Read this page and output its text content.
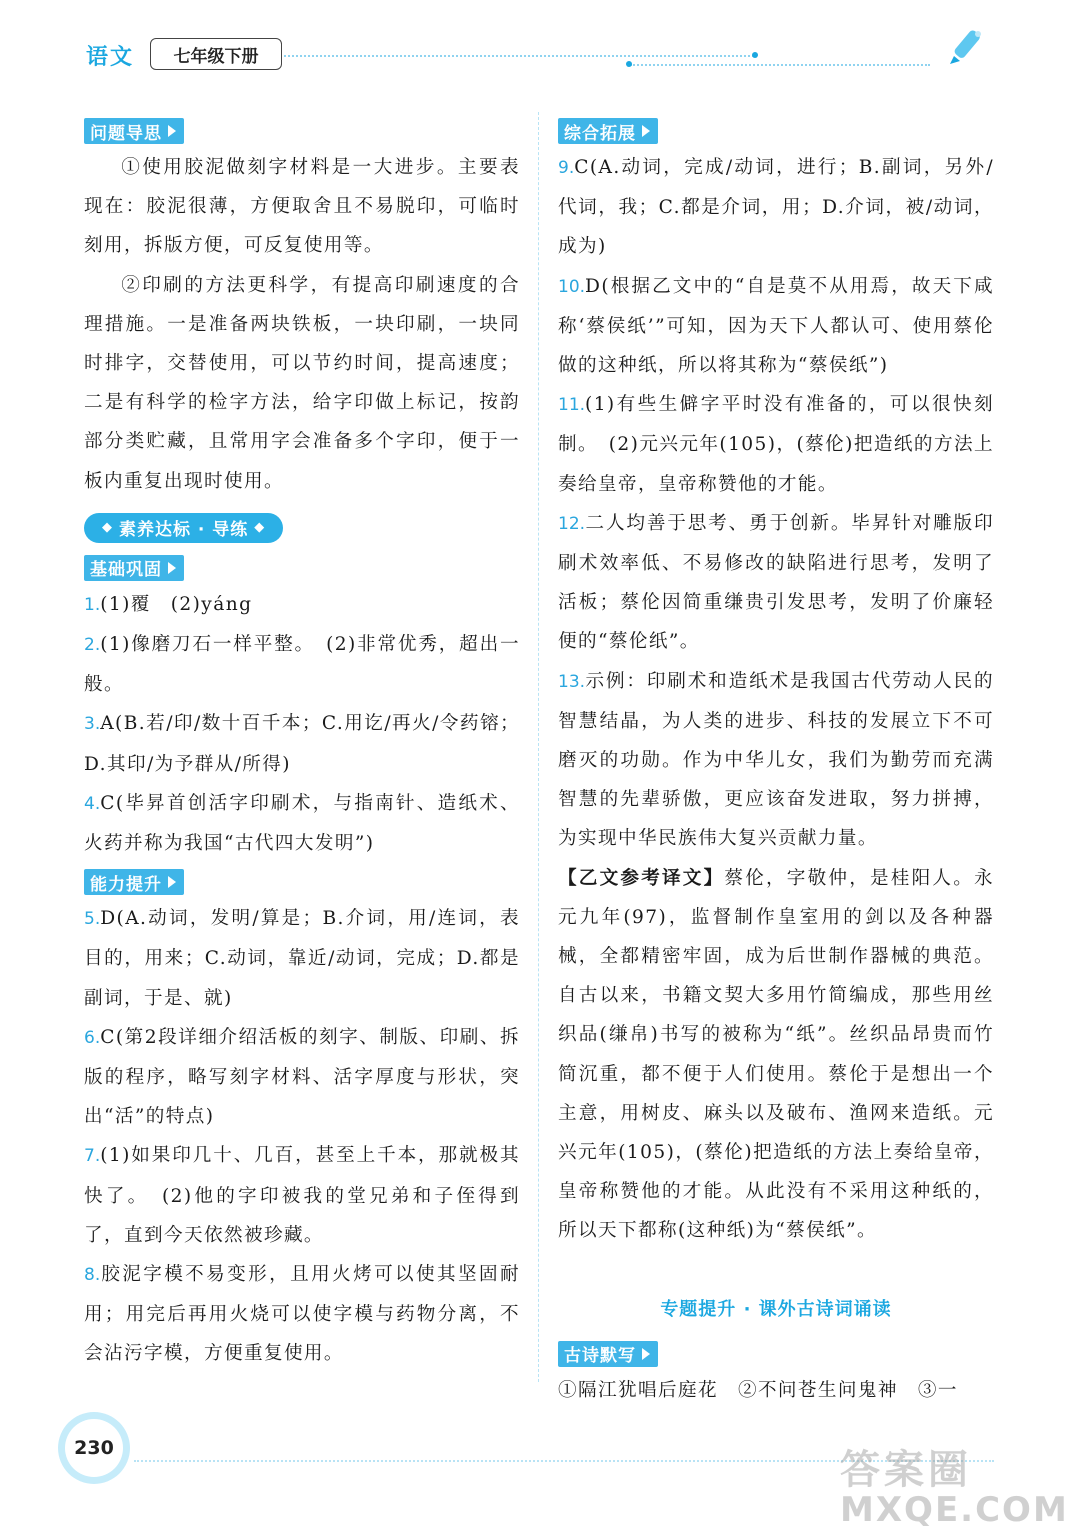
语文	七年级下册
问题导思

①使用胶泥做刻字材料是一大进步。主要表现在：胶泥很薄，方便取舍且不易脱印，可临时刻用，拆版方便，可反复使用等。

②印刷的方法更科学，有提高印刷速度的合理措施。一是准备两块铁板，一块印刷，一块同时排字，交替使用，可以节约时间，提高速度；二是有科学的检字方法，给字印做上标记，按韵部分类贮藏，且常用字会准备多个字印，便于一板内重复出现时使用。

◆ 素养达标 · 导练 ◆

基础巩固

1.(1)覆　(2)yáng

2.(1)像磨刀石一样平整。　(2)非常优秀，超出一般。

3.A(B.若/印/数十百千本；C.用讫/再火/令药镕；D.其印/为予群从/所得)

4.C(毕昇首创活字印刷术，与指南针、造纸术、火药并称为我国“古代四大发明”)

能力提升

5.D(A.动词，发明/算是；B.介词，用/连词，表目的，用来；C.动词，靠近/动词，完成；D.都是副词，于是、就)

6.C(第2段详细介绍活板的刻字、制版、印刷、拆版的程序，略写刻字材料、活字厚度与形状，突出“活”的特点)

7.(1)如果印几十、几百，甚至上千本，那就极其快了。　(2)他的字印被我的堂兄弟和子侄得到了，直到今天依然被珍藏。

8.胶泥字模不易变形，且用火烤可以使其坚固耐用；用完后再用火烧可以使字模与药物分离，不会沾污字模，方便重复使用。

综合拓展

9.C(A.动词，完成/动词，进行；B.副词，另外/代词，我；C.都是介词，用；D.介词，被/动词，成为)

10.D(根据乙文中的“自是莫不从用焉，故天下咸称‘蔡侯纸’”可知，因为天下人都认可、使用蔡伦做的这种纸，所以将其称为“蔡侯纸”)

11.(1)有些生僻字平时没有准备的，可以很快刻制。　(2)元兴元年(105)，(蔡伦)把造纸的方法上奏给皇帝，皇帝称赞他的才能。

12.二人均善于思考、勇于创新。毕昇针对雕版印刷术效率低、不易修改的缺陷进行思考，发明了活板；蔡伦因简重缣贵引发思考，发明了价廉轻便的“蔡伦纸”。

13.示例：印刷术和造纸术是我国古代劳动人民的智慧结晶，为人类的进步、科技的发展立下不可磨灭的功勋。作为中华儿女，我们为勤劳而充满智慧的先辈骄傲，更应该奋发进取，努力拼搏，为实现中华民族伟大复兴贡献力量。

【乙文参考译文】蔡伦，字敬仲，是桂阳人。永元九年(97)，监督制作皇室用的剑以及各种器械，全都精密牢固，成为后世制作器械的典范。自古以来，书籍文契大多用竹简编成，那些用丝织品(缣帛)书写的被称为“纸”。丝织品昂贵而竹简沉重，都不便于人们使用。蔡伦于是想出一个主意，用树皮、麻头以及破布、渔网来造纸。元兴元年(105)，(蔡伦)把造纸的方法上奏给皇帝，皇帝称赞他的才能。从此没有不采用这种纸的，所以天下都称(这种纸)为“蔡侯纸”。

专题提升 · 课外古诗词诵读
古诗默写

①隔江犹唱后庭花　②不问苍生问鬼神　③一

230	答案圈
MXQE.COM
